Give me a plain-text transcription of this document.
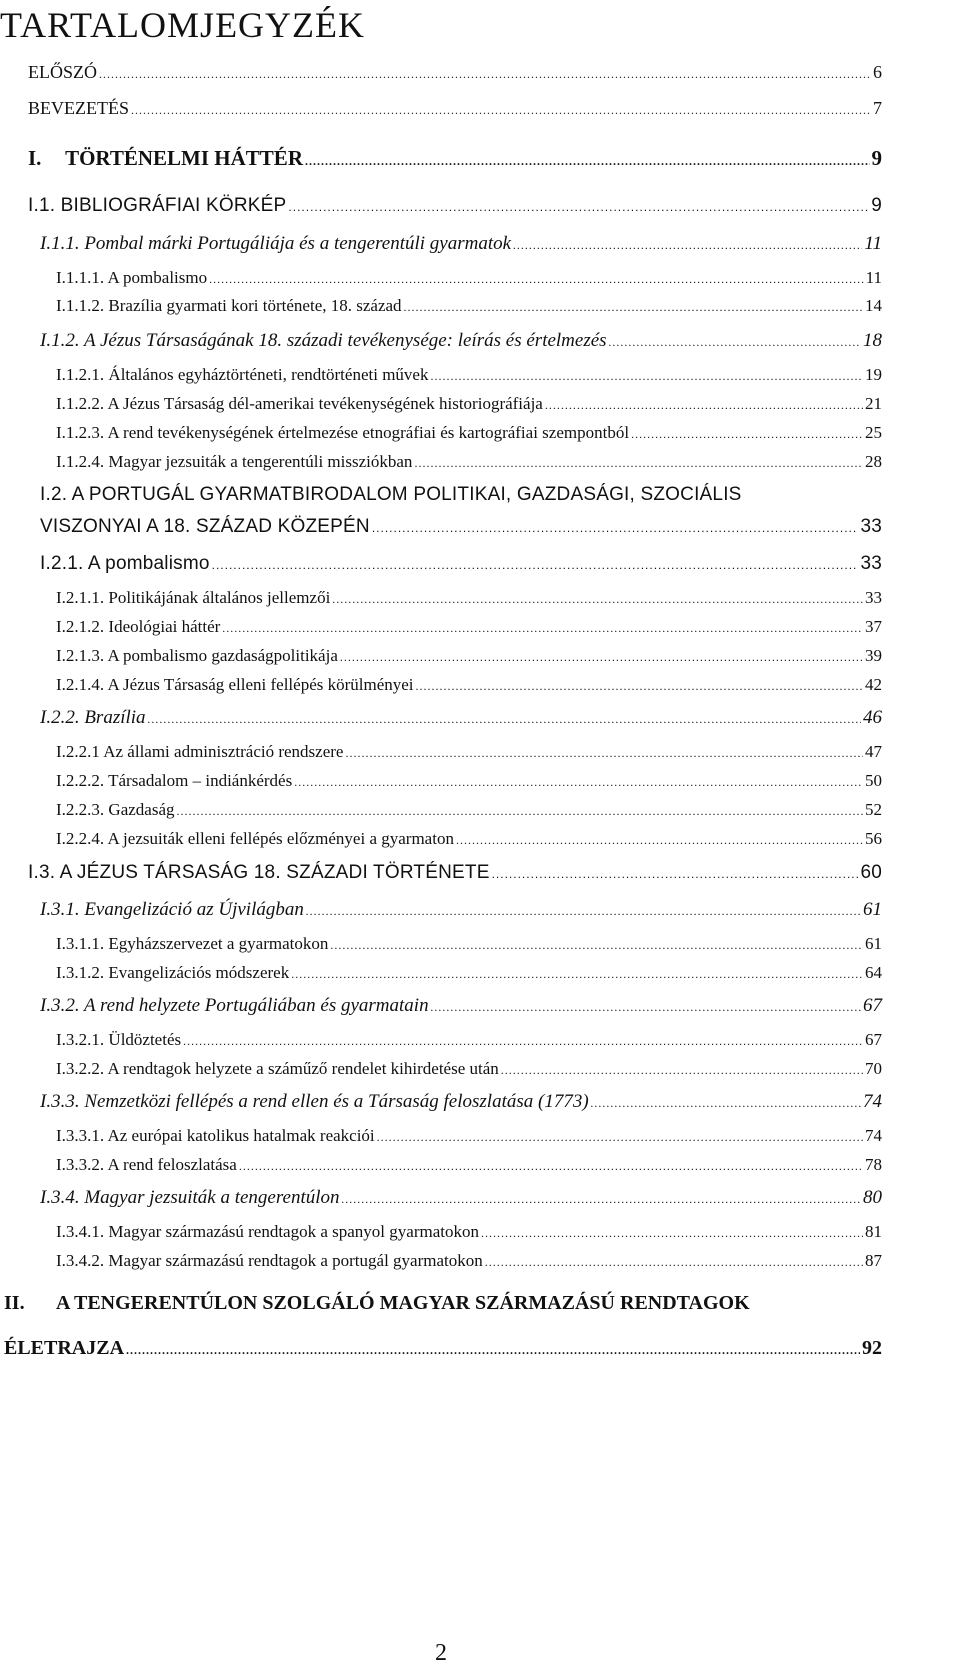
TARTALOMJEGYZÉK
ELŐSZÓ .....	6
BEVEZETÉS .....	7
I.	TÖRTÉNELMI HÁTTÉR .....	9
I.1. BIBLIOGRÁFIAI KÖRKÉP .....	9
I.1.1. Pombal márki Portugáliája és a tengerentúli gyarmatok .....	11
I.1.1.1. A pombalismo .....	11
I.1.1.2. Brazília gyarmati kori története, 18. század .....	14
I.1.2. A Jézus Társaságának 18. századi tevékenysége: leírás és értelmezés .....	18
I.1.2.1. Általános egyháztörténeti, rendtörténeti művek .....	19
I.1.2.2. A Jézus Társaság dél-amerikai tevékenységének historiográfiája .....	21
I.1.2.3. A rend tevékenységének értelmezése etnográfiai és kartográfiai szempontból .....	25
I.1.2.4. Magyar jezsuiták a tengerentúli missziókban .....	28
I.2. A PORTUGÁL GYARMATBIRODALOM POLITIKAI, GAZDASÁGI, SZOCIÁLIS
VISZONYAI A 18. SZÁZAD KÖZEPÉN .....	33
I.2.1. A pombalismo .....	33
I.2.1.1. Politikájának általános jellemzői .....	33
I.2.1.2. Ideológiai háttér .....	37
I.2.1.3. A pombalismo gazdaságpolitikája .....	39
I.2.1.4. A Jézus Társaság elleni fellépés körülményei .....	42
I.2.2. Brazília .....	46
I.2.2.1 Az állami adminisztráció rendszere .....	47
I.2.2.2. Társadalom – indiánkérdés .....	50
I.2.2.3. Gazdaság .....	52
I.2.2.4. A jezsuiták elleni fellépés előzményei a gyarmaton .....	56
I.3. A JÉZUS TÁRSASÁG 18. SZÁZADI TÖRTÉNETE .....	60
I.3.1. Evangelizáció az Újvilágban .....	61
I.3.1.1. Egyházszervezet a gyarmatokon .....	61
I.3.1.2. Evangelizációs módszerek .....	64
I.3.2. A rend helyzete Portugáliában és gyarmatain .....	67
I.3.2.1. Üldöztetés .....	67
I.3.2.2. A rendtagok helyzete a száműző rendelet kihirdetése után .....	70
I.3.3. Nemzetközi fellépés a rend ellen és a Társaság feloszlatása (1773) .....	74
I.3.3.1. Az európai katolikus hatalmak reakciói .....	74
I.3.3.2. A rend feloszlatása .....	78
I.3.4. Magyar jezsuiták a tengerentúlon .....	80
I.3.4.1. Magyar származású rendtagok a spanyol gyarmatokon .....	81
I.3.4.2. Magyar származású rendtagok a portugál gyarmatokon .....	87
II.	A TENGERENTÚLON SZOLGÁLÓ MAGYAR SZÁRMAZÁSÚ RENDTAGOK
ÉLETRAJZA .....	92
2
